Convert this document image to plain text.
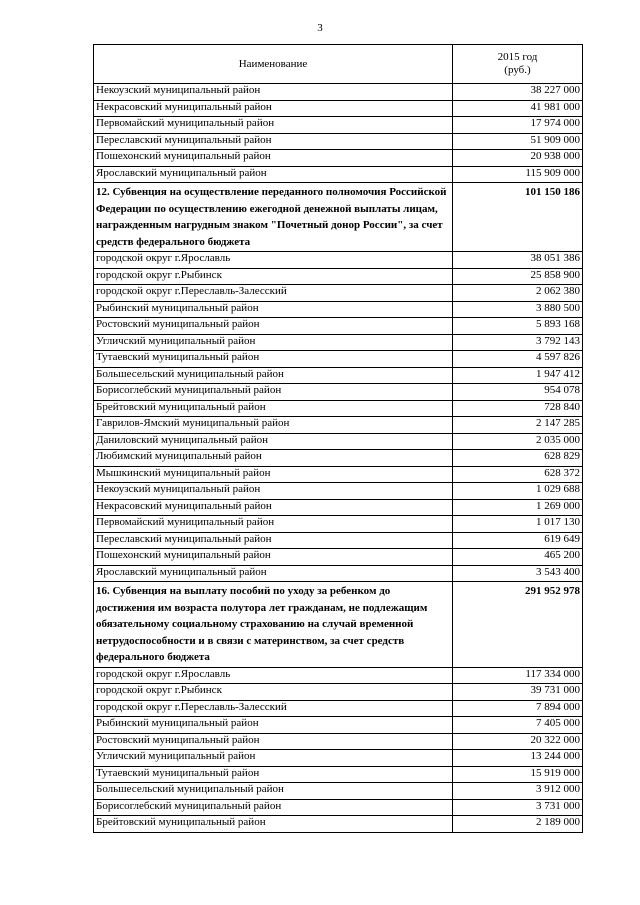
3
Наименование	2015 год
(руб.)

Некоузский муниципальный район	38 227 000
Некрасовский муниципальный район	41 981 000
Первомайский муниципальный район	17 974 000
Переславский муниципальный район	51 909 000
Пошехонский муниципальный район	20 938 000
Ярославский муниципальный район	115 909 000
12. Субвенция на осуществление переданного полномочия Российской Федерации по осуществлению ежегодной денежной выплаты лицам, награжденным нагрудным знаком "Почетный донор России", за счет средств федерального бюджета	101 150 186
городской округ г.Ярославль	38 051 386
городской округ г.Рыбинск	25 858 900
городской округ г.Переславль-Залесский	2 062 380
Рыбинский муниципальный район	3 880 500
Ростовский муниципальный район	5 893 168
Угличский муниципальный район	3 792 143
Тутаевский муниципальный район	4 597 826
Большесельский муниципальный район	1 947 412
Борисоглебский муниципальный район	954 078
Брейтовский муниципальный район	728 840
Гаврилов-Ямский муниципальный район	2 147 285
Даниловский муниципальный район	2 035 000
Любимский муниципальный район	628 829
Мышкинский муниципальный район	628 372
Некоузский муниципальный район	1 029 688
Некрасовский муниципальный район	1 269 000
Первомайский муниципальный район	1 017 130
Переславский муниципальный район	619 649
Пошехонский муниципальный район	465 200
Ярославский муниципальный район	3 543 400
16. Субвенция на выплату пособий по уходу за ребенком до достижения им возраста полутора лет гражданам, не подлежащим обязательному социальному страхованию на случай временной нетрудоспособности и в связи с материнством, за счет средств федерального бюджета	291 952 978
городской округ г.Ярославль	117 334 000
городской округ г.Рыбинск	39 731 000
городской округ г.Переславль-Залесский	7 894 000
Рыбинский муниципальный район	7 405 000
Ростовский муниципальный район	20 322 000
Угличский муниципальный район	13 244 000
Тутаевский муниципальный район	15 919 000
Большесельский муниципальный район	3 912 000
Борисоглебский муниципальный район	3 731 000
Брейтовский муниципальный район	2 189 000
